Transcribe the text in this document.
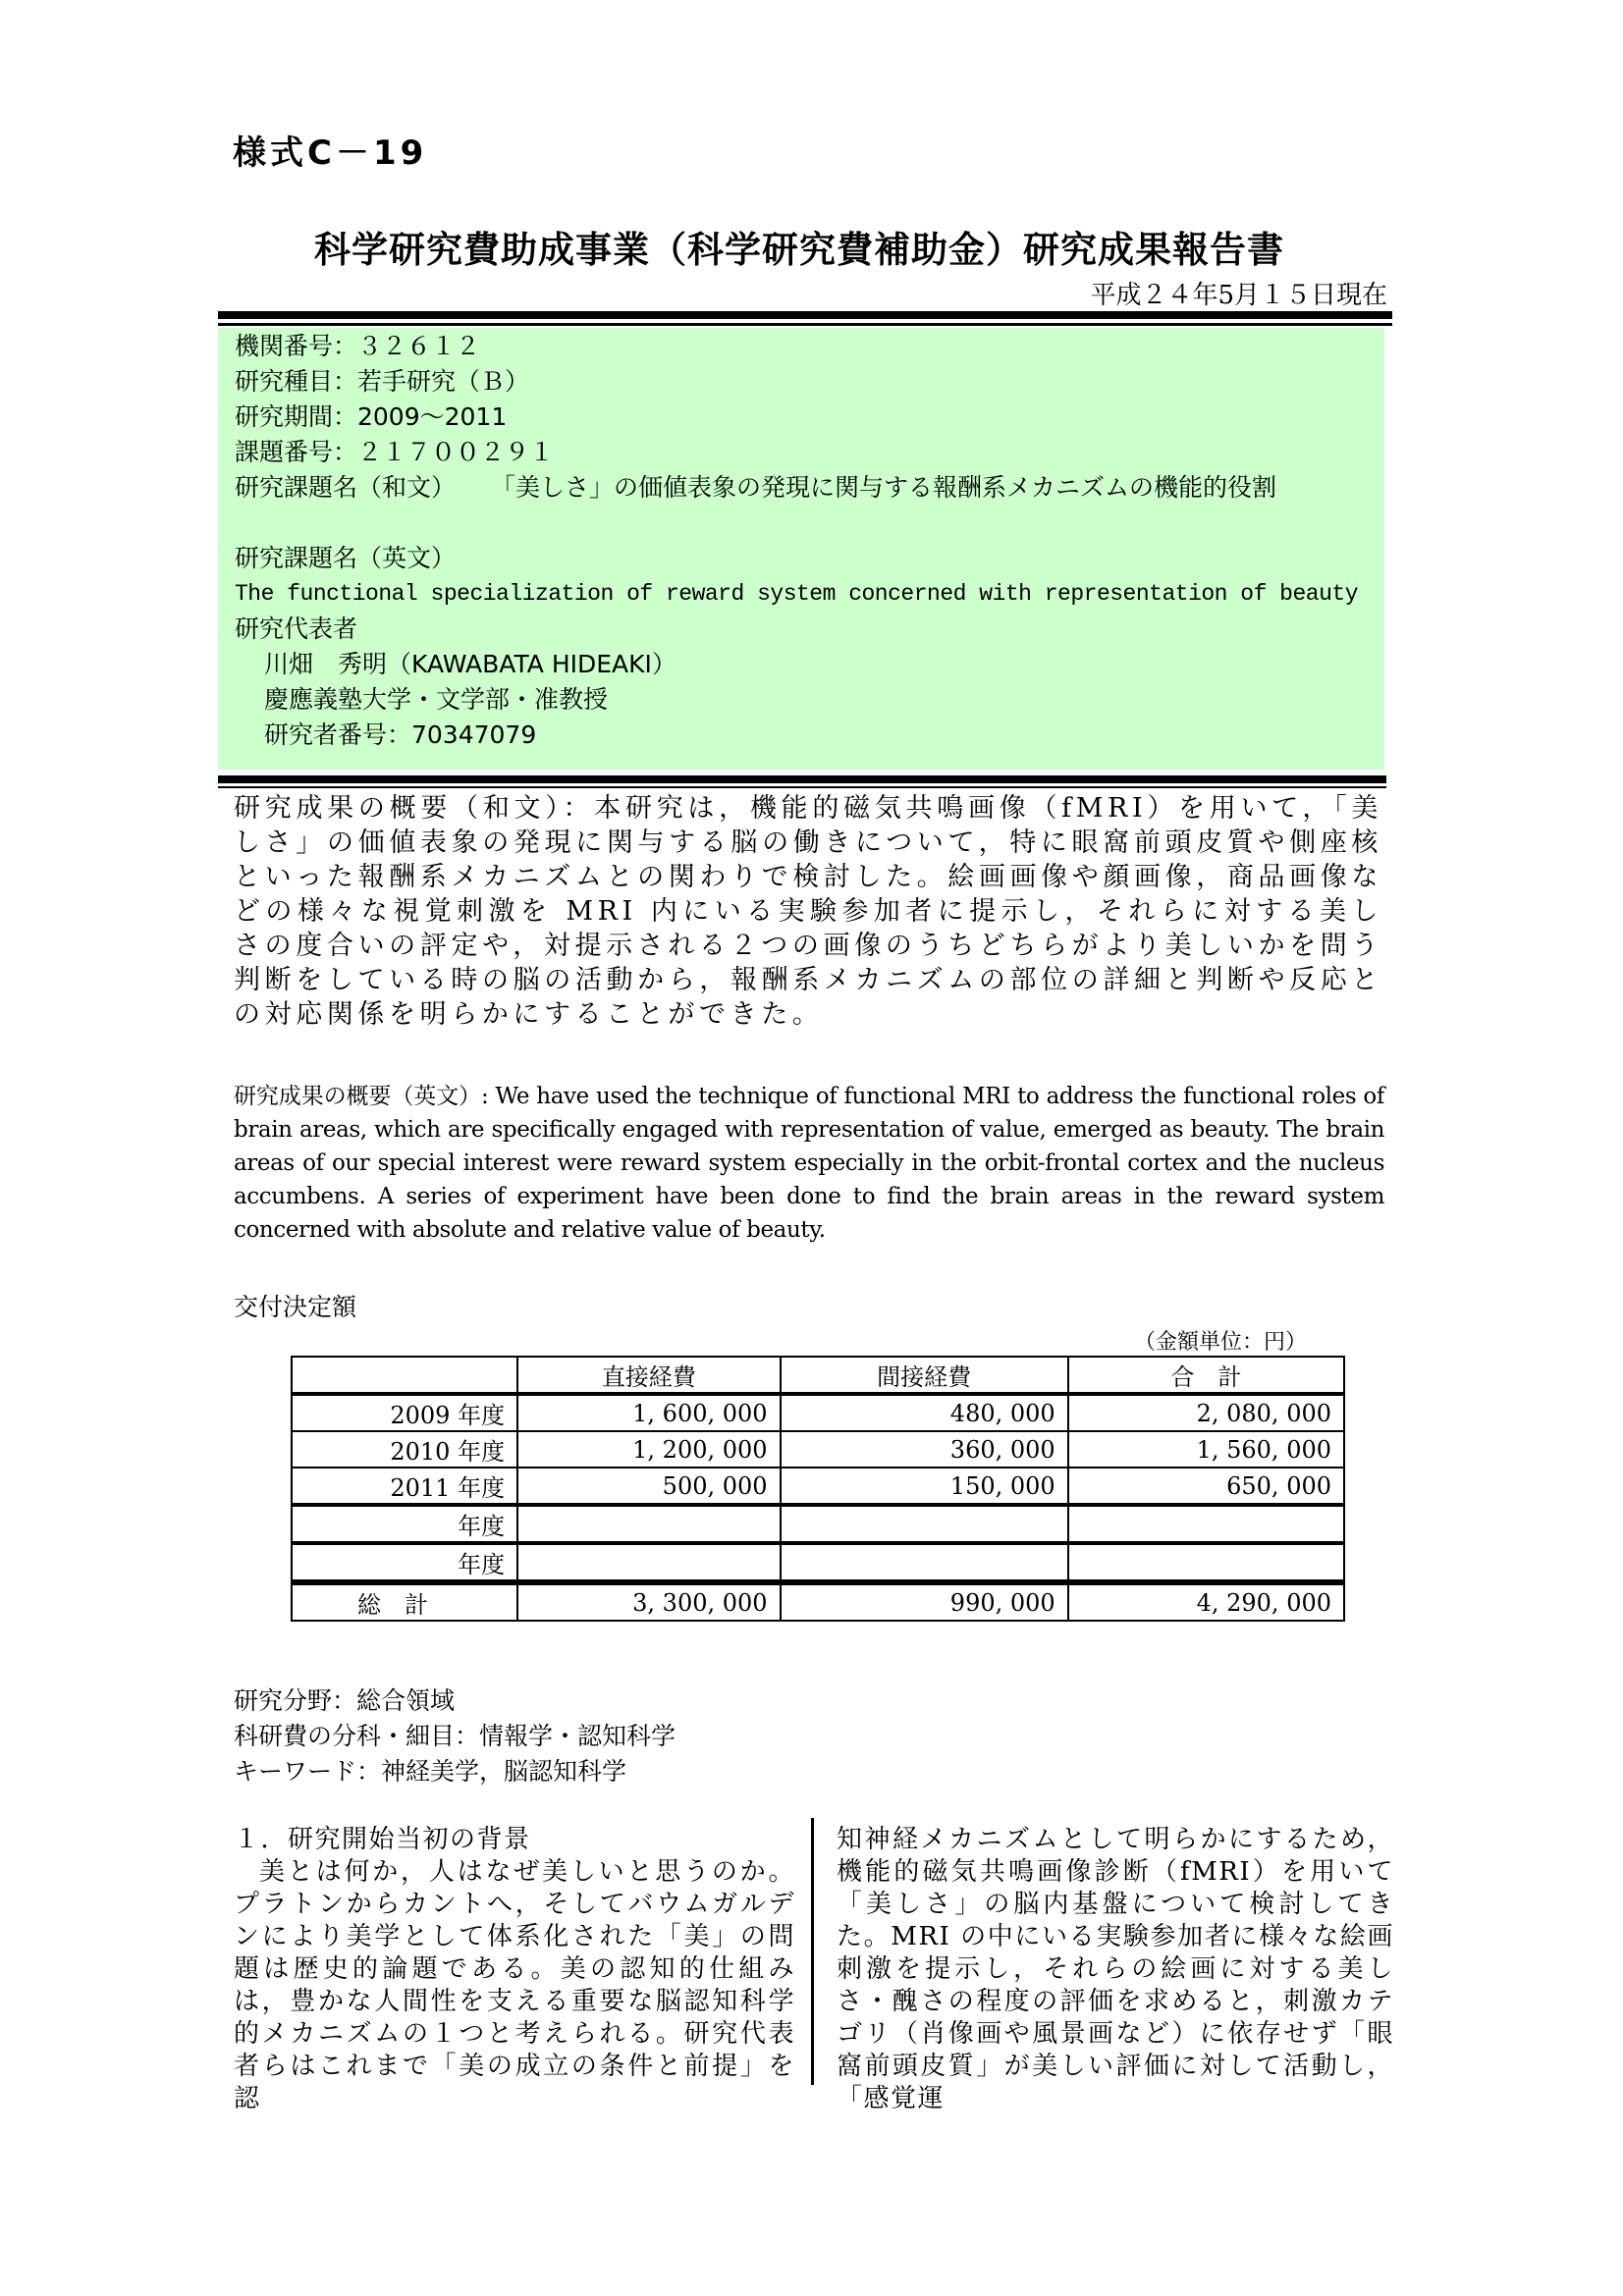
様式C－19
科学研究費助成事業（科学研究費補助金）研究成果報告書
平成２４年5月１５日現在
機関番号：３２６１２
研究種目：若手研究（Ｂ）
研究期間：2009～2011
課題番号：２１７００２９１
研究課題名（和文） 「美しさ」の価値表象の発現に関与する報酬系メカニズムの機能的役割
研究課題名（英文）
The functional specialization of reward system concerned with representation of beauty
研究代表者
川畑　秀明（KAWABATA HIDEAKI）
慶應義塾大学・文学部・准教授
研究者番号：70347079
研究成果の概要（和文）：本研究は，機能的磁気共鳴画像（fMRI）を用いて，「美しさ」の価値表象の発現に関与する脳の働きについて，特に眼窩前頭皮質や側座核といった報酬系メカニズムとの関わりで検討した。絵画画像や顔画像，商品画像などの様々な視覚刺激を MRI 内にいる実験参加者に提示し，それらに対する美しさの度合いの評定や，対提示される２つの画像のうちどちらがより美しいかを問う判断をしている時の脳の活動から，報酬系メカニズムの部位の詳細と判断や反応との対応関係を明らかにすることができた。
研究成果の概要（英文）: We have used the technique of functional MRI to address the functional roles of brain areas, which are specifically engaged with representation of value, emerged as beauty. The brain areas of our special interest were reward system especially in the orbit-frontal cortex and the nucleus accumbens. A series of experiment have been done to find the brain areas in the reward system concerned with absolute and relative value of beauty.
交付決定額
（金額単位：円）
	直接経費	間接経費	合　計
2009 年度	1, 600, 000	480, 000	2, 080, 000
2010 年度	1, 200, 000	360, 000	1, 560, 000
2011 年度	500, 000	150, 000	650, 000
年度			
年度			
総計	3, 300, 000	990, 000	4, 290, 000
研究分野：総合領域
科研費の分科・細目：情報学・認知科学
キーワード：神経美学，脳認知科学
１．研究開始当初の背景
美とは何か，人はなぜ美しいと思うのか。プラトンからカントへ，そしてバウムガルデンにより美学として体系化された「美」の問題は歴史的論題である。美の認知的仕組みは，豊かな人間性を支える重要な脳認知科学的メカニズムの１つと考えられる。研究代表者らはこれまで「美の成立の条件と前提」を認
知神経メカニズムとして明らかにするため，機能的磁気共鳴画像診断（fMRI）を用いて「美しさ」の脳内基盤について検討してきた。MRI の中にいる実験参加者に様々な絵画刺激を提示し，それらの絵画に対する美しさ・醜さの程度の評価を求めると，刺激カテゴリ（肖像画や風景画など）に依存せず「眼窩前頭皮質」が美しい評価に対して活動し，「感覚運
